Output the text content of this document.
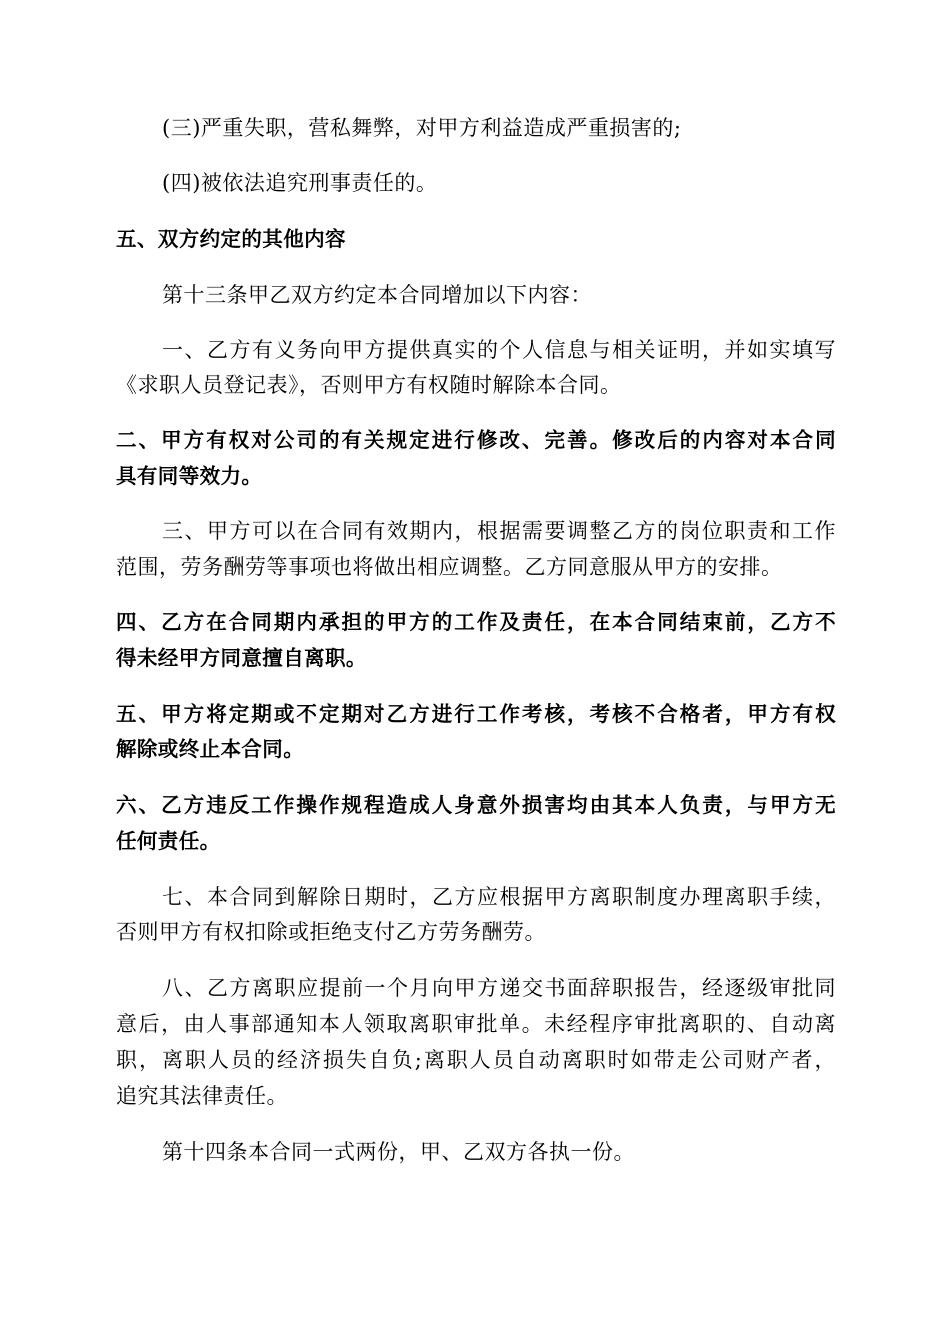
(三)严重失职，营私舞弊，对甲方利益造成严重损害的;
(四)被依法追究刑事责任的。
五、双方约定的其他内容
第十三条甲乙双方约定本合同增加以下内容：
一、乙方有义务向甲方提供真实的个人信息与相关证明，并如实填写
《求职人员登记表》，否则甲方有权随时解除本合同。
二、甲方有权对公司的有关规定进行修改、完善。修改后的内容对本合同
具有同等效力。
三、甲方可以在合同有效期内，根据需要调整乙方的岗位职责和工作
范围，劳务酬劳等事项也将做出相应调整。乙方同意服从甲方的安排。
四、乙方在合同期内承担的甲方的工作及责任，在本合同结束前，乙方不
得未经甲方同意擅自离职。
五、甲方将定期或不定期对乙方进行工作考核，考核不合格者，甲方有权
解除或终止本合同。
六、乙方违反工作操作规程造成人身意外损害均由其本人负责，与甲方无
任何责任。
七、本合同到解除日期时，乙方应根据甲方离职制度办理离职手续，
否则甲方有权扣除或拒绝支付乙方劳务酬劳。
八、乙方离职应提前一个月向甲方递交书面辞职报告，经逐级审批同
意后，由人事部通知本人领取离职审批单。未经程序审批离职的、自动离
职，离职人员的经济损失自负;离职人员自动离职时如带走公司财产者，
追究其法律责任。
第十四条本合同一式两份，甲、乙双方各执一份。
